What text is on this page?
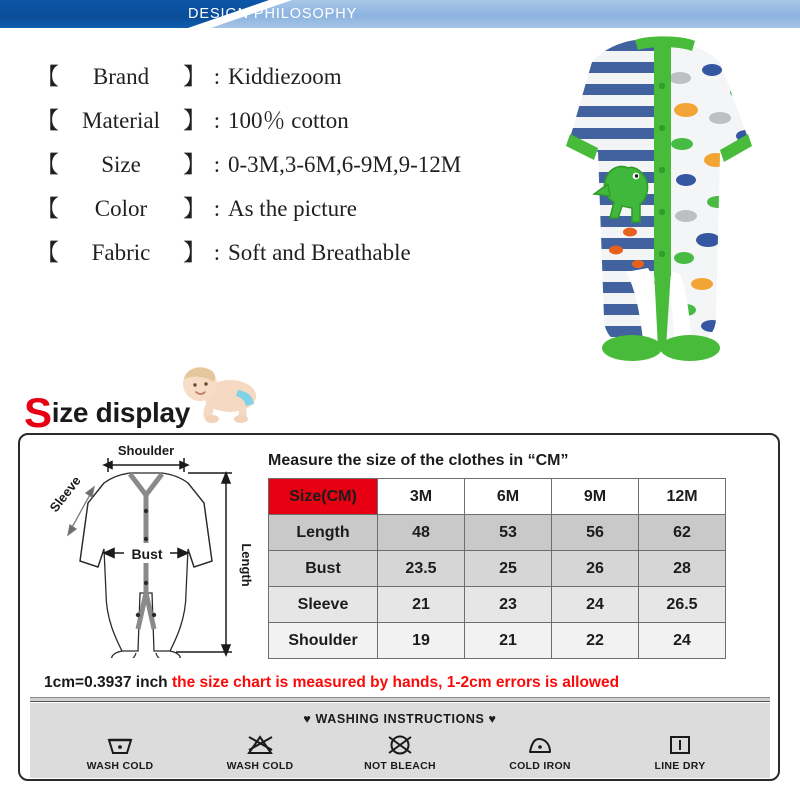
DESIGN PHILOSOPHY
【	Brand	】 : Kiddiezoom
【	Material	】 : 100％ cotton
【	Size	】 : 0-3M,3-6M,6-9M,9-12M
【	Color	】 : As the picture
【	Fabric	】 : Soft and Breathable
Size display
Shoulder
Bust
Sleeve
Length
Measure the size of the clothes in “CM”
Size(CM)	3M	6M	9M	12M
Length	48	53	56	62
Bust	23.5	25	26	28
Sleeve	21	23	24	26.5
Shoulder	19	21	22	24
1cm=0.3937 inch the size chart is measured by hands, 1-2cm errors is allowed
♥ WASHING INSTRUCTIONS ♥
WASH COLD	WASH COLD	NOT BLEACH	COLD IRON	LINE DRY
